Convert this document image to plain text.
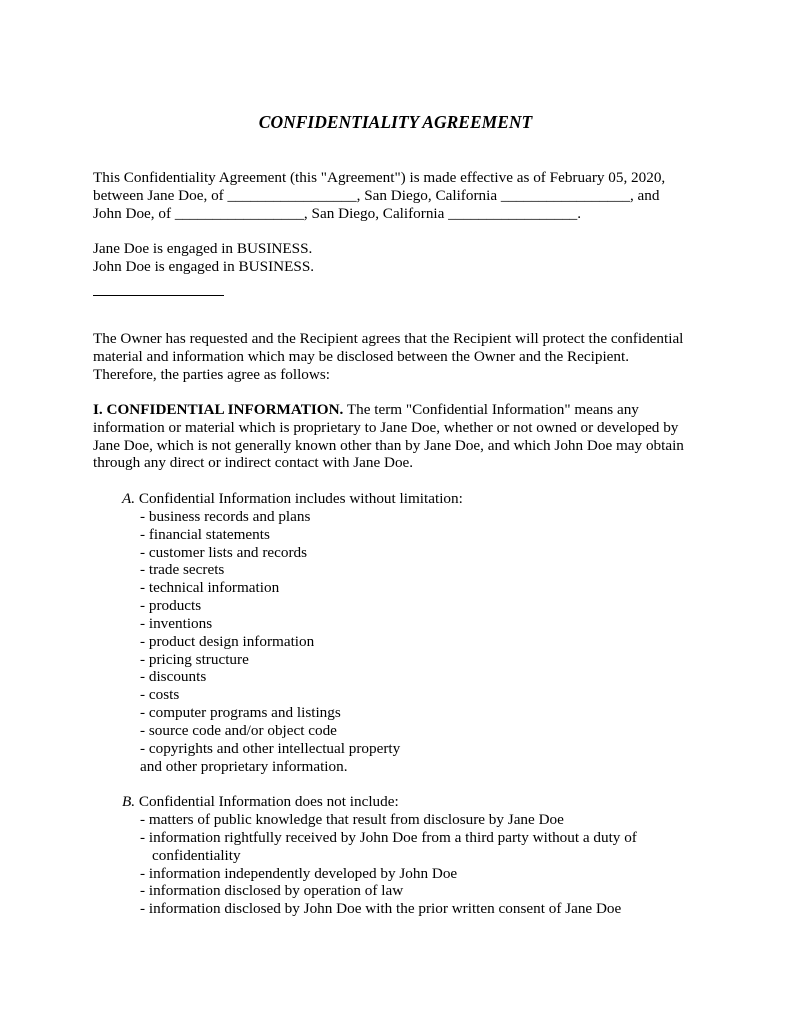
CONFIDENTIALITY AGREEMENT
This Confidentiality Agreement (this "Agreement") is made effective as of February 05, 2020,
between Jane Doe, of _________________, San Diego, California _________________, and
John Doe, of _________________, San Diego, California _________________.
Jane Doe is engaged in BUSINESS.
John Doe is engaged in BUSINESS.
The Owner has requested and the Recipient agrees that the Recipient will protect the confidential
material and information which may be disclosed between the Owner and the Recipient.
Therefore, the parties agree as follows:
I. CONFIDENTIAL INFORMATION. The term "Confidential Information" means any
information or material which is proprietary to Jane Doe, whether or not owned or developed by
Jane Doe, which is not generally known other than by Jane Doe, and which John Doe may obtain
through any direct or indirect contact with Jane Doe.
A. Confidential Information includes without limitation:
- business records and plans
- financial statements
- customer lists and records
- trade secrets
- technical information
- products
- inventions
- product design information
- pricing structure
- discounts
- costs
- computer programs and listings
- source code and/or object code
- copyrights and other intellectual property
and other proprietary information.
B. Confidential Information does not include:
- matters of public knowledge that result from disclosure by Jane Doe
- information rightfully received by John Doe from a third party without a duty of
confidentiality
- information independently developed by John Doe
- information disclosed by operation of law
- information disclosed by John Doe with the prior written consent of Jane Doe
